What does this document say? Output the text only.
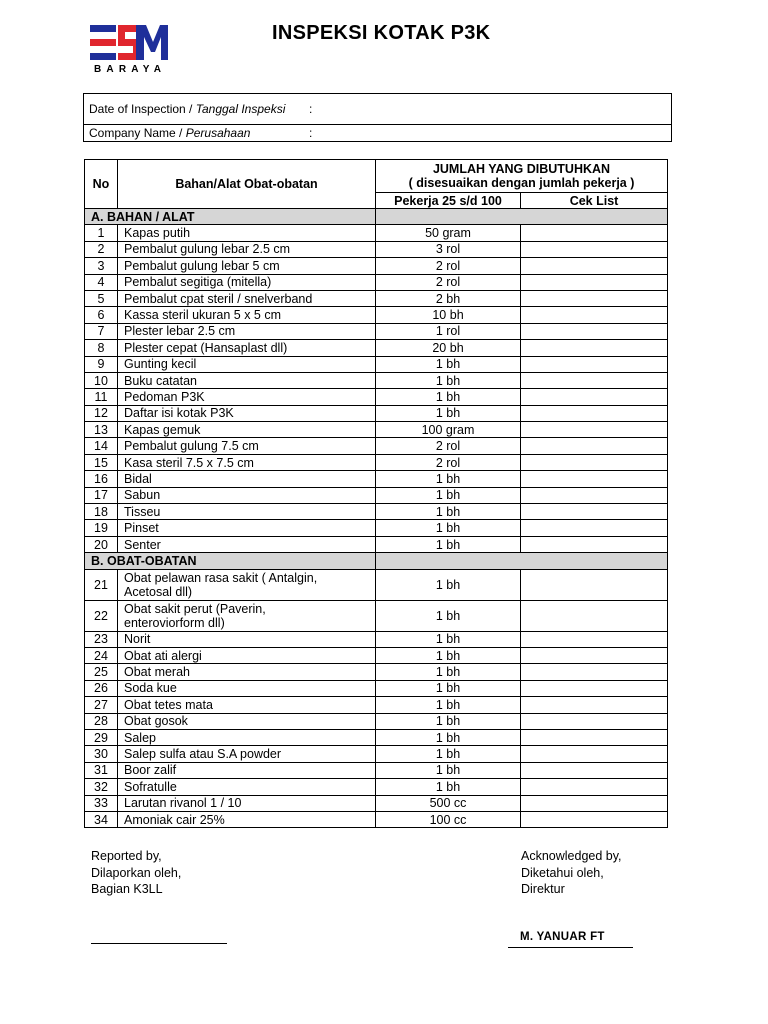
BARAYA
INSPEKSI KOTAK P3K
Date of Inspection / Tanggal Inspeksi	:	
Company Name / Perusahaan	:	
No	Bahan/Alat Obat-obatan	JUMLAH YANG DIBUTUHKAN
( disesuaikan dengan jumlah pekerja )	

		Pekerja 25 s/d 100	Cek List
A. BAHAN / ALAT			
1	Kapas putih	50 gram	
2	Pembalut gulung lebar 2.5 cm	3 rol	
3	Pembalut gulung lebar 5 cm	2 rol	
4	Pembalut segitiga (mitella)	2 rol	
5	Pembalut cpat steril / snelverband	2 bh	
6	Kassa steril ukuran 5 x 5 cm	10 bh	
7	Plester lebar 2.5 cm	1 rol	
8	Plester cepat (Hansaplast dll)	20 bh	
9	Gunting kecil	1 bh	
10	Buku catatan	1 bh	
11	Pedoman P3K	1 bh	
12	Daftar isi kotak P3K	1 bh	
13	Kapas gemuk	100 gram	
14	Pembalut gulung 7.5 cm	2 rol	
15	Kasa steril 7.5 x 7.5 cm	2 rol	
16	Bidal	1 bh	
17	Sabun	1 bh	
18	Tisseu	1 bh	
19	Pinset	1 bh	
20	Senter	1 bh	
B. OBAT-OBATAN			
21	Obat pelawan rasa sakit ( Antalgin,
Acetosal dll)	1 bh	
22	Obat sakit perut (Paverin,
enteroviorform dll)	1 bh	
23	Norit	1 bh	
24	Obat ati alergi	1 bh	
25	Obat merah	1 bh	
26	Soda kue	1 bh	
27	Obat tetes mata	1 bh	
28	Obat gosok	1 bh	
29	Salep	1 bh	
30	Salep sulfa atau S.A powder	1 bh	
31	Boor zalif	1 bh	
32	Sofratulle	1 bh	
33	Larutan rivanol 1 / 10	500 cc	
34	Amoniak cair 25%	100 cc	
Reported by,
Dilaporkan oleh,
Bagian K3LL
Acknowledged by,
Diketahui oleh,
Direktur
M. YANUAR FT
